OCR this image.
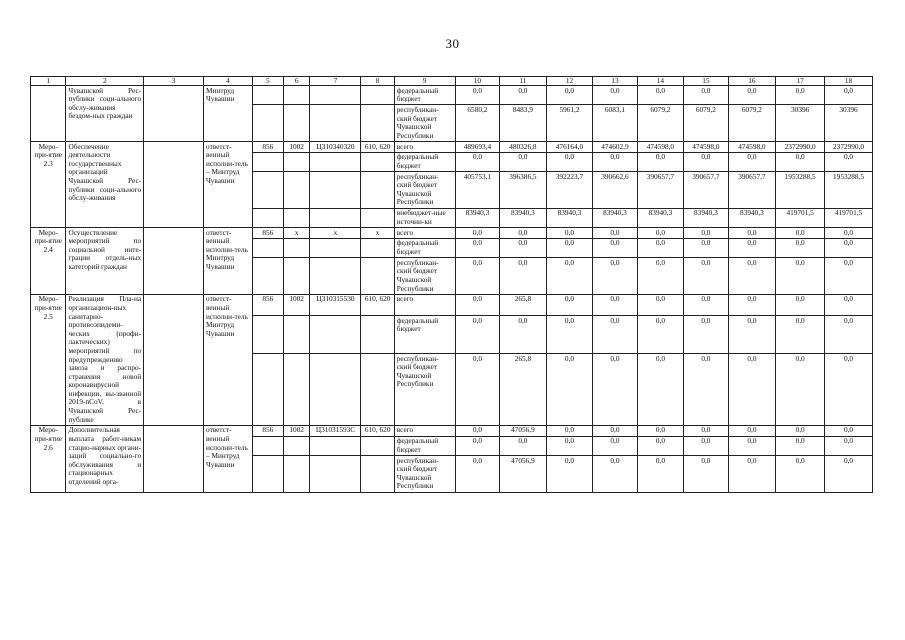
30
1	2	3	4	5	6	7	8	9	10	11	12	13	14	15	16	17	18
	Чувашской Рес-публики соци-ального обслу-живания бездом-ных граждан		Минтруд Чувашии					федеральный бюджет	0,0	0,0	0,0	0,0	0,0	0,0	0,0	0,0	0,0
								республикан-ский бюджет Чувашской Республики	6580,2	8483,9	5961,2	6083,1	6079,2	6079,2	6079,2	30396	30396
Меро-при-ятие 2.3	Обеспечение деятельности государственных организаций Чувашской Рес-публики соци-ального обслу-живания		ответст-венный исполни-тель – Минтруд Чувашии	856	1002	Ц310340320	610, 620	всего	489693,4	480326,8	476164,0	474602,9	474598,0	474598,0	474598,0	2372990,0	2372990,0
								федеральный бюджет	0,0	0,0	0,0	0,0	0,0	0,0	0,0	0,0	0,0
								республикан-ский бюджет Чувашской Республики	405753,1	396386,5	392223,7	390662,6	390657,7	390657,7	390657,7	1953288,5	1953288,5
								внебюджет-ные источни-ки	83940,3	83940,3	83940,3	83940,3	83940,3	83940,3	83940,3	419701,5	419701,5
Меро-при-ятие 2.4	Осуществление мероприятий по социальной инте-грации отдель-ных категорий граждан		ответст-венный исполни-тель Минтруд Чувашии	856	x	x	x	всего	0,0	0,0	0,0	0,0	0,0	0,0	0,0	0,0	0,0
								федеральный бюджет	0,0	0,0	0,0	0,0	0,0	0,0	0,0	0,0	0,0
								республикан-ский бюджет Чувашской Республики	0,0	0,0	0,0	0,0	0,0	0,0	0,0	0,0	0,0
Меро-при-ятие 2.5	Реализация Пла-на организацион-ных санитарно-противоэпидеми-ческих (профи-лактических) мероприятий по предупреждению завоза и распро-странения новой коронавирусной инфекции, вы-званной 2019-nCoV, в Чувашской Рес-публике		ответст-венный исполни-тель Минтруд Чувашии	856	1002	Ц310315530	610, 620	всего	0,0	265,8	0,0	0,0	0,0	0,0	0,0	0,0	0,0
								федеральный бюджет	0,0	0,0	0,0	0,0	0,0	0,0	0,0	0,0	0,0
								республикан-ский бюджет Чувашской Республики	0,0	265,8	0,0	0,0	0,0	0,0	0,0	0,0	0,0
Меро-при-ятие 2.6	Дополнительная выплата работ-никам стацио-нарных органи-заций социально-го обслуживания и стационарных отделений орга-		ответст-венный исполни-тель – Минтруд Чувашии	856	1002	Ц31031593С	610, 620	всего	0,0	47056,9	0,0	0,0	0,0	0,0	0,0	0,0	0,0
								федеральный бюджет	0,0	0,0	0,0	0,0	0,0	0,0	0,0	0,0	0,0
								республикан-ский бюджет Чувашской Республики	0,0	47056,9	0,0	0,0	0,0	0,0	0,0	0,0	0,0
